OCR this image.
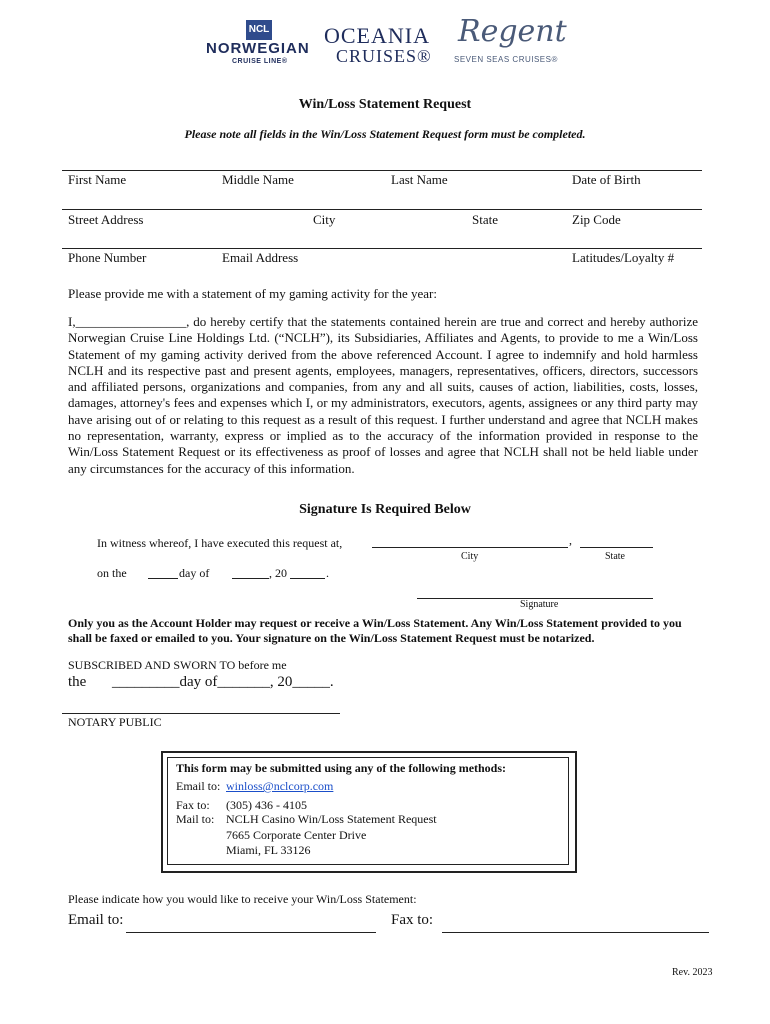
NCL
NORWEGIAN
CRUISE LINE®
OCEANIA
CRUISES®
Regent
SEVEN SEAS CRUISES®
Win/Loss Statement Request
Please note all fields in the Win/Loss Statement Request form must be completed.
First Name	Middle Name	Last Name	Date of Birth
Street Address	City	State	Zip Code
Phone Number	Email Address	Latitudes/Loyalty #
Please provide me with a statement of my gaming activity for the year:
I,_________________, do hereby certify that the statements contained herein are true and correct and hereby authorize Norwegian Cruise Line Holdings Ltd. (“NCLH”), its Subsidiaries, Affiliates and Agents, to provide to me a Win/Loss Statement of my gaming activity derived from the above referenced Account. I agree to indemnify and hold harmless NCLH and its respective past and present agents, employees, managers, representatives, officers, directors, successors and affiliated persons, organizations and companies, from any and all suits, causes of action, liabilities, costs, losses, damages, attorney's fees and expenses which I, or my administrators, executors, agents, assignees or any third party may have arising out of or relating to this request as a result of this request. I further understand and agree that NCLH makes no representation, warranty, express or implied as to the accuracy of the information provided in response to the Win/Loss Statement Request or its effectiveness as proof of losses and agree that NCLH shall not be held liable under any circumstances for the accuracy of this information.
Signature Is Required Below
In witness whereof, I have executed this request at,	,
City	State
on the	day of	, 20	.
Signature
Only you as the Account Holder may request or receive a Win/Loss Statement. Any Win/Loss Statement provided to you shall be faxed or emailed to you. Your signature on the Win/Loss Statement Request must be notarized.
SUBSCRIBED AND SWORN TO before me
the _________day of_______, 20_____.
NOTARY PUBLIC
This form may be submitted using any of the following methods:
Email to: winloss@nclcorp.com
Fax to: (305) 436 - 4105
Mail to: NCLH Casino Win/Loss Statement Request
7665 Corporate Center Drive
Miami, FL 33126
Please indicate how you would like to receive your Win/Loss Statement:
Email to:	Fax to:
Rev. 2023
